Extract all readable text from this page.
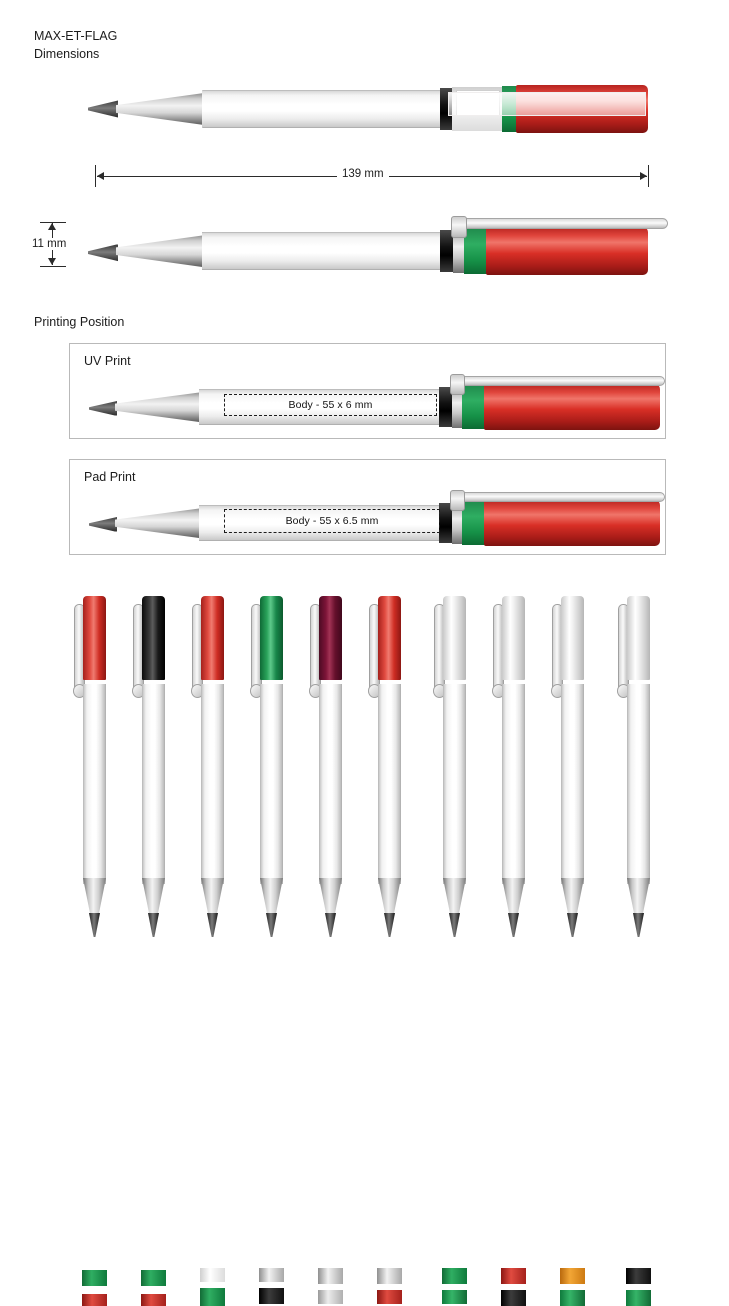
MAX-ET-FLAG
Dimensions
139 mm
11 mm
Printing Position
UV Print
Body - 55 x 6 mm
Pad Print
Body - 55 x 6.5 mm
